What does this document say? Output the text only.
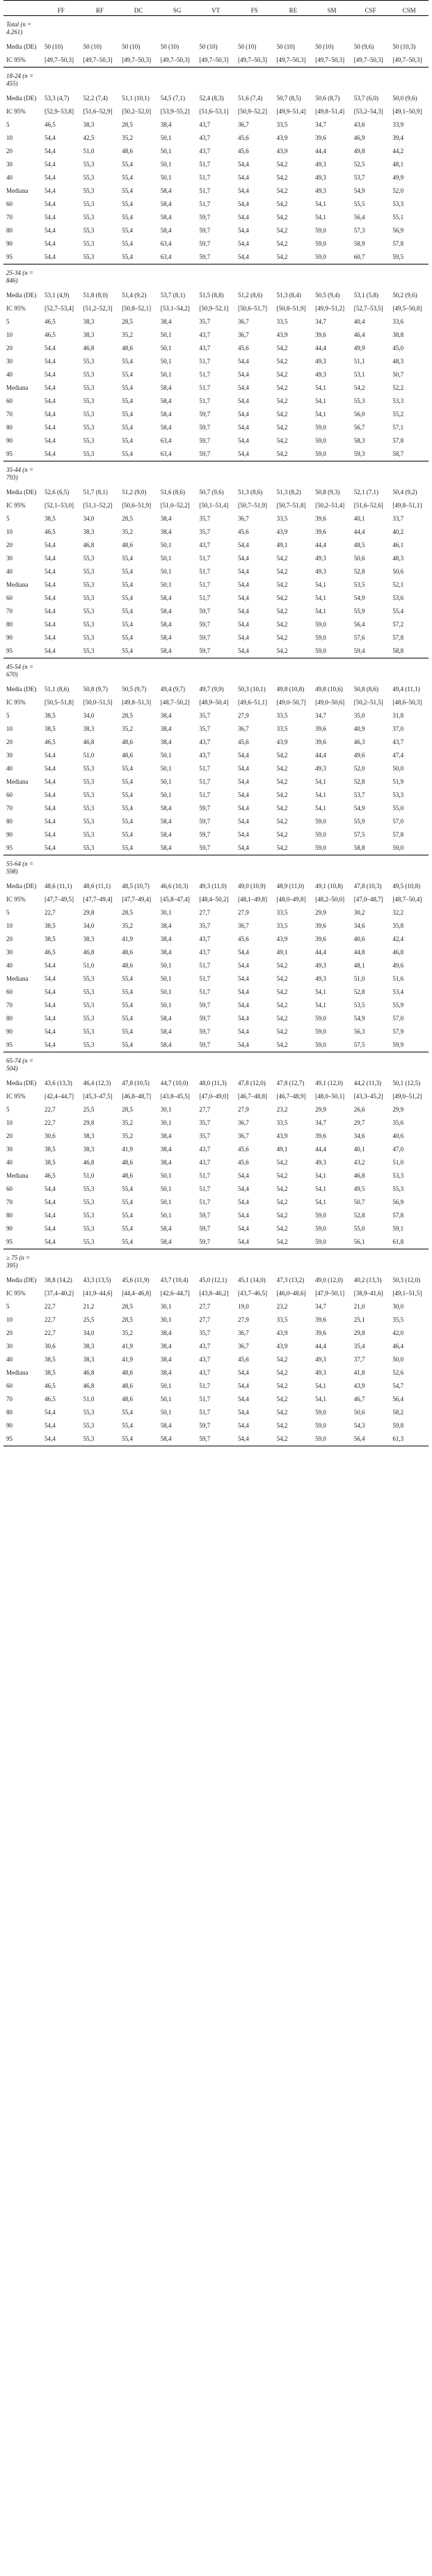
	FF	RF	DC	SG	VT	FS	RE	SM	CSF	CSM
Total (n = 4.261)										
Media (DE)	50 (10)	50 (10)	50 (10)	50 (10)	50 (10)	50 (10)	50 (10)	50 (10)	50 (9,6)	50 (10,3)
IC 95%	[49,7–50,3]	[49,7–50,3]	[49,7–50,3]	[49,7–50,3]	[49,7–50,3]	[49,7–50,3]	[49,7–50,3]	[49,7–50,3]	[49,7–50,3]	[49,7–50,3]
18-24 (n = 455)										
Media (DE)	53,3 (4,7)	52,2 (7,4)	51,1 (10,1)	54,5 (7,1)	52,4 (8,3)	51,6 (7,4)	50,7 (8,5)	50,6 (8,7)	53,7 (6,0)	50,0 (9,6)
IC 95%	[52,9–53,8]	[51,6–52,9]	[50,2–52,0]	[53,9–55,2]	[51,6–53,1]	[50,9–52,2]	[49,9–51,4]	[49,8–51,4]	[53,2–54,3]	[49,1–50,9]
5	46,5	38,3	28,5	38,4	43,7	36,7	33,5	34,7	43,6	33,9
10	54,4	42,5	35,2	50,1	43,7	45,6	43,9	39,6	46,9	39,4
20	54,4	51,0	48,6	50,1	43,7	45,6	43,9	44,4	49,8	44,2
30	54,4	55,3	55,4	50,1	51,7	54,4	54,2	49,3	52,5	48,1
40	54,4	55,3	55,4	50,1	51,7	54,4	54,2	49,3	53,7	49,9
Mediana	54,4	55,3	55,4	58,4	51,7	54,4	54,2	49,3	54,9	52,0
60	54,4	55,3	55,4	58,4	51,7	54,4	54,2	54,1	55,5	53,3
70	54,4	55,3	55,4	58,4	59,7	54,4	54,2	54,1	56,4	55,1
80	54,4	55,3	55,4	58,4	59,7	54,4	54,2	59,0	57,3	56,9
90	54,4	55,3	55,4	63,4	59,7	54,4	54,2	59,0	58,9	57,8
95	54,4	55,3	55,4	63,4	59,7	54,4	54,2	59,0	60,7	59,5
25-34 (n = 846)										
Media (DE)	53,1 (4,9)	51,8 (8,0)	51,4 (9,2)	53,7 (8,1)	51,5 (8,8)	51,2 (8,6)	51,3 (8,4)	50,5 (9,4)	53,1 (5,8)	50,2 (9,6)
IC 95%	[52,7–53,4]	[51,2–52,3]	[50,8–52,1]	[53,1–54,2]	[50,9–52,1]	[50,6–51,7]	[50,8–51,9]	[49,9–51,2]	[52,7–53,5]	[49,5–50,8]
5	46,5	38,3	28,5	38,4	35,7	36,7	33,5	34,7	40,4	33,6
10	46,5	38,3	35,2	50,1	43,7	36,7	43,9	39,6	46,4	38,8
20	54,4	46,8	48,6	50,1	43,7	45,6	54,2	44,4	49,9	45,0
30	54,4	55,3	55,4	50,1	51,7	54,4	54,2	49,3	51,1	48,3
40	54,4	55,3	55,4	50,1	51,7	54,4	54,2	49,3	53,1	50,7
Mediana	54,4	55,3	55,4	58,4	51,7	54,4	54,2	54,1	54,2	52,2
60	54,4	55,3	55,4	58,4	51,7	54,4	54,2	54,1	55,3	53,3
70	54,4	55,3	55,4	58,4	59,7	54,4	54,2	54,1	56,0	55,2
80	54,4	55,3	55,4	58,4	59,7	54,4	54,2	59,0	56,7	57,1
90	54,4	55,3	55,4	63,4	59,7	54,4	54,2	59,0	58,3	57,8
95	54,4	55,3	55,4	63,4	59,7	54,4	54,2	59,0	59,3	58,7
35-44 (n = 793)										
Media (DE)	52,6 (6,5)	51,7 (8,1)	51,2 (9,0)	51,6 (8,6)	50,7 (9,6)	51,3 (8,6)	51,3 (8,2)	50,8 (9,3)	52,1 (7,1)	50,4 (9,2)
IC 95%	[52,1–53,0]	[51,1–52,2]	[50,6–51,9]	[51,0–52,2]	[50,1–51,4]	[50,7–51,9]	[50,7–51,8]	[50,2–51,4]	[51,6–52,6]	[49,8–51,1]
5	38,5	34,0	28,5	38,4	35,7	36,7	33,5	39,6	40,1	33,7
10	46,5	38,3	35,2	38,4	35,7	45,6	43,9	39,6	44,4	40,2
20	54,4	46,8	48,6	50,1	43,7	54,4	49,1	44,4	48,5	46,1
30	54,4	55,3	55,4	50,1	51,7	54,4	54,2	49,3	50,6	48,3
40	54,4	55,3	55,4	50,1	51,7	54,4	54,2	49,3	52,8	50,6
Mediana	54,4	55,3	55,4	50,1	51,7	54,4	54,2	54,1	53,5	52,1
60	54,4	55,3	55,4	58,4	51,7	54,4	54,2	54,1	54,9	53,6
70	54,4	55,3	55,4	58,4	59,7	54,4	54,2	54,1	55,9	55,4
80	54,4	55,3	55,4	58,4	59,7	54,4	54,2	59,0	56,4	57,2
90	54,4	55,3	55,4	58,4	59,7	54,4	54,2	59,0	57,6	57,8
95	54,4	55,3	55,4	58,4	59,7	54,4	54,2	59,0	59,4	58,8
45-54 (n = 670)										
Media (DE)	51,1 (8,6)	50,8 (9,7)	50,5 (9,7)	49,4 (9,7)	49,7 (9,9)	50,3 (10,1)	49,8 (10,8)	49,8 (10,6)	50,8 (8,6)	49,4 (11,1)
IC 95%	[50,5–51,8]	[50,0–51,5]	[49,8–51,3]	[48,7–50,2]	[48,9–50,4]	[49,6–51,1]	[49,0–50,7]	[49,0–50,6]	[50,2–51,5]	[48,6–50,3]
5	38,5	34,0	28,5	38,4	35,7	27,9	33,5	34,7	35,0	31,8
10	38,5	38,3	35,2	38,4	35,7	36,7	33,5	39,6	40,9	37,0
20	46,5	46,8	48,6	38,4	43,7	45,6	43,9	39,6	46,3	43,7
30	54,4	51,0	48,6	50,1	43,7	54,4	54,2	44,4	49,6	47,4
40	54,4	55,3	55,4	50,1	51,7	54,4	54,2	49,3	52,0	50,0
Mediana	54,4	55,3	55,4	50,1	51,7	54,4	54,2	54,1	52,8	51,9
60	54,4	55,3	55,4	50,1	51,7	54,4	54,2	54,1	53,7	53,3
70	54,4	55,3	55,4	58,4	59,7	54,4	54,2	54,1	54,9	55,0
80	54,4	55,3	55,4	58,4	59,7	54,4	54,2	59,0	55,9	57,0
90	54,4	55,3	55,4	58,4	59,7	54,4	54,2	59,0	57,5	57,8
95	54,4	55,3	55,4	58,4	59,7	54,4	54,2	59,0	58,8	59,0
55-64 (n = 598)										
Media (DE)	48,6 (11,1)	48,6 (11,1)	48,5 (10,7)	46,6 (10,3)	49,3 (11,0)	49,0 (10,9)	48,9 (11,0)	49,1 (10,8)	47,8 (10,3)	49,5 (10,8)
IC 95%	[47,7–49,5]	[47,7–49,4]	[47,7–49,4]	[45,8–47,4]	[48,4–50,2]	[48,1–49,8]	[48,0–49,8]	[48,2–50,0]	[47,0–48,7]	[48,7–50,4]
5	22,7	29,8	28,5	30,1	27,7	27,9	33,5	29,9	30,2	32,2
10	38,5	34,0	35,2	38,4	35,7	36,7	33,5	39,6	34,6	35,8
20	38,5	38,3	41,9	38,4	43,7	45,6	43,9	39,6	40,6	42,4
30	46,5	46,8	48,6	38,4	43,7	54,4	49,1	44,4	44,8	46,8
40	54,4	51,0	48,6	50,1	51,7	54,4	54,2	49,3	48,1	49,6
Mediana	54,4	55,3	55,4	50,1	51,7	54,4	54,2	49,3	51,0	51,6
60	54,4	55,3	55,4	50,1	51,7	54,4	54,2	54,1	52,8	53,4
70	54,4	55,3	55,4	50,1	59,7	54,4	54,2	54,1	53,5	55,9
80	54,4	55,3	55,4	58,4	59,7	54,4	54,2	59,0	54,9	57,0
90	54,4	55,3	55,4	58,4	59,7	54,4	54,2	59,0	56,3	57,9
95	54,4	55,3	55,4	58,4	59,7	54,4	54,2	59,0	57,5	59,9
65-74 (n = 504)										
Media (DE)	43,6 (13,3)	46,4 (12,3)	47,8 (10,5)	44,7 (10,0)	48,0 (11,3)	47,8 (12,0)	47,8 (12,7)	49,1 (12,0)	44,2 (11,3)	50,1 (12,5)
IC 95%	[42,4–44,7]	[45,3–47,5]	[46,8–48,7]	[43,8–45,5]	[47,0–49,0]	[46,7–48,8]	[46,7–48,9]	[48,0–50,1]	[43,3–45,2]	[49,0–51,2]
5	22,7	25,5	28,5	30,1	27,7	27,9	23,2	29,9	26,6	29,9
10	22,7	29,8	35,2	30,1	35,7	36,7	33,5	34,7	29,7	35,6
20	30,6	38,3	35,2	38,4	35,7	36,7	43,9	39,6	34,6	40,6
30	38,5	38,3	41,9	38,4	43,7	45,6	49,1	44,4	40,1	47,0
40	38,5	46,8	48,6	38,4	43,7	45,6	54,2	49,3	43,2	51,0
Mediana	46,5	51,0	48,6	50,1	51,7	54,4	54,2	54,1	46,8	53,3
60	54,4	55,3	55,4	50,1	51,7	54,4	54,2	54,1	49,5	55,3
70	54,4	55,3	55,4	50,1	51,7	54,4	54,2	54,1	50,7	56,9
80	54,4	55,3	55,4	50,1	59,7	54,4	54,2	59,0	52,8	57,8
90	54,4	55,3	55,4	58,4	59,7	54,4	54,2	59,0	55,0	59,1
95	54,4	55,3	55,4	58,4	59,7	54,4	54,2	59,0	56,1	61,8
≥ 75 (n = 395)										
Media (DE)	38,8 (14,2)	43,3 (13,5)	45,6 (11,9)	43,7 (10,4)	45,0 (12,1)	45,1 (14,0)	47,3 (13,2)	49,0 (12,0)	40,2 (13,3)	50,3 (12,0)
IC 95%	[37,4–40,2]	[41,9–44,6]	[44,4–46,8]	[42,6–44,7]	[43,8–46,2]	[43,7–46,5]	[46,0–48,6]	[47,9–50,1]	[38,9–41,6]	[49,1–51,5]
5	22,7	21,2	28,5	30,1	27,7	19,0	23,2	34,7	21,0	30,0
10	22,7	25,5	28,5	30,1	27,7	27,9	33,5	39,6	25,1	35,5
20	22,7	34,0	35,2	38,4	35,7	36,7	43,9	39,6	29,8	42,0
30	30,6	38,3	41,9	38,4	43,7	36,7	43,9	44,4	35,4	46,4
40	38,5	38,3	41,9	38,4	43,7	45,6	54,2	49,3	37,7	50,0
Mediana	38,5	46,8	48,6	38,4	43,7	54,4	54,2	49,3	41,8	52,6
60	46,5	46,8	48,6	50,1	51,7	54,4	54,2	54,1	43,9	54,7
70	46,5	51,0	48,6	50,1	51,7	54,4	54,2	54,1	46,7	56,4
80	54,4	55,3	55,4	50,1	51,7	54,4	54,2	59,0	50,6	58,2
90	54,4	55,3	55,4	58,4	59,7	54,4	54,2	59,0	54,3	59,8
95	54,4	55,3	55,4	58,4	59,7	54,4	54,2	59,0	56,4	61,3
